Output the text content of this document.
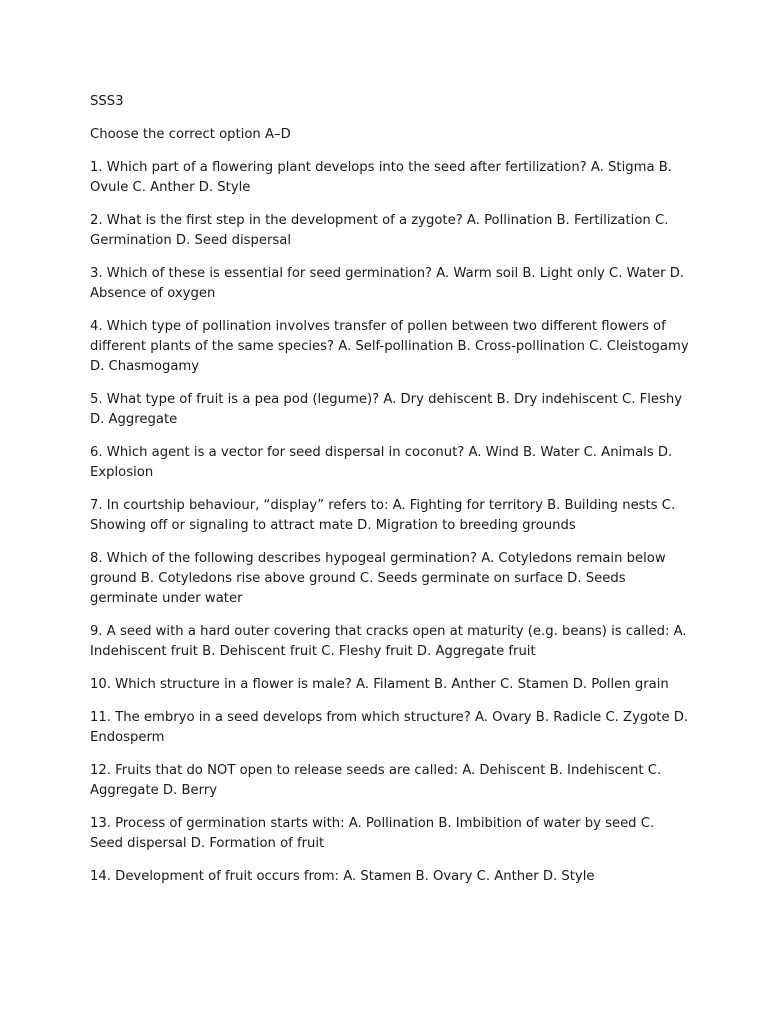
SSS3

Choose the correct option A–D

1. Which part of a flowering plant develops into the seed after fertilization? A. Stigma B. Ovule C. Anther D. Style

2. What is the first step in the development of a zygote? A. Pollination B. Fertilization C. Germination D. Seed dispersal

3. Which of these is essential for seed germination? A. Warm soil B. Light only C. Water D. Absence of oxygen

4. Which type of pollination involves transfer of pollen between two different flowers of different plants of the same species? A. Self-pollination B. Cross-pollination C. Cleistogamy D. Chasmogamy

5. What type of fruit is a pea pod (legume)? A. Dry dehiscent B. Dry indehiscent C. Fleshy D. Aggregate

6. Which agent is a vector for seed dispersal in coconut? A. Wind B. Water C. Animals D. Explosion

7. In courtship behaviour, “display” refers to: A. Fighting for territory B. Building nests C. Showing off or signaling to attract mate D. Migration to breeding grounds

8. Which of the following describes hypogeal germination? A. Cotyledons remain below ground B. Cotyledons rise above ground C. Seeds germinate on surface D. Seeds germinate under water

9. A seed with a hard outer covering that cracks open at maturity (e.g. beans) is called: A. Indehiscent fruit B. Dehiscent fruit C. Fleshy fruit D. Aggregate fruit

10. Which structure in a flower is male? A. Filament B. Anther C. Stamen D. Pollen grain

11. The embryo in a seed develops from which structure? A. Ovary B. Radicle C. Zygote D. Endosperm

12. Fruits that do NOT open to release seeds are called: A. Dehiscent B. Indehiscent C. Aggregate D. Berry

13. Process of germination starts with: A. Pollination B. Imbibition of water by seed C. Seed dispersal D. Formation of fruit

14. Development of fruit occurs from: A. Stamen B. Ovary C. Anther D. Style
